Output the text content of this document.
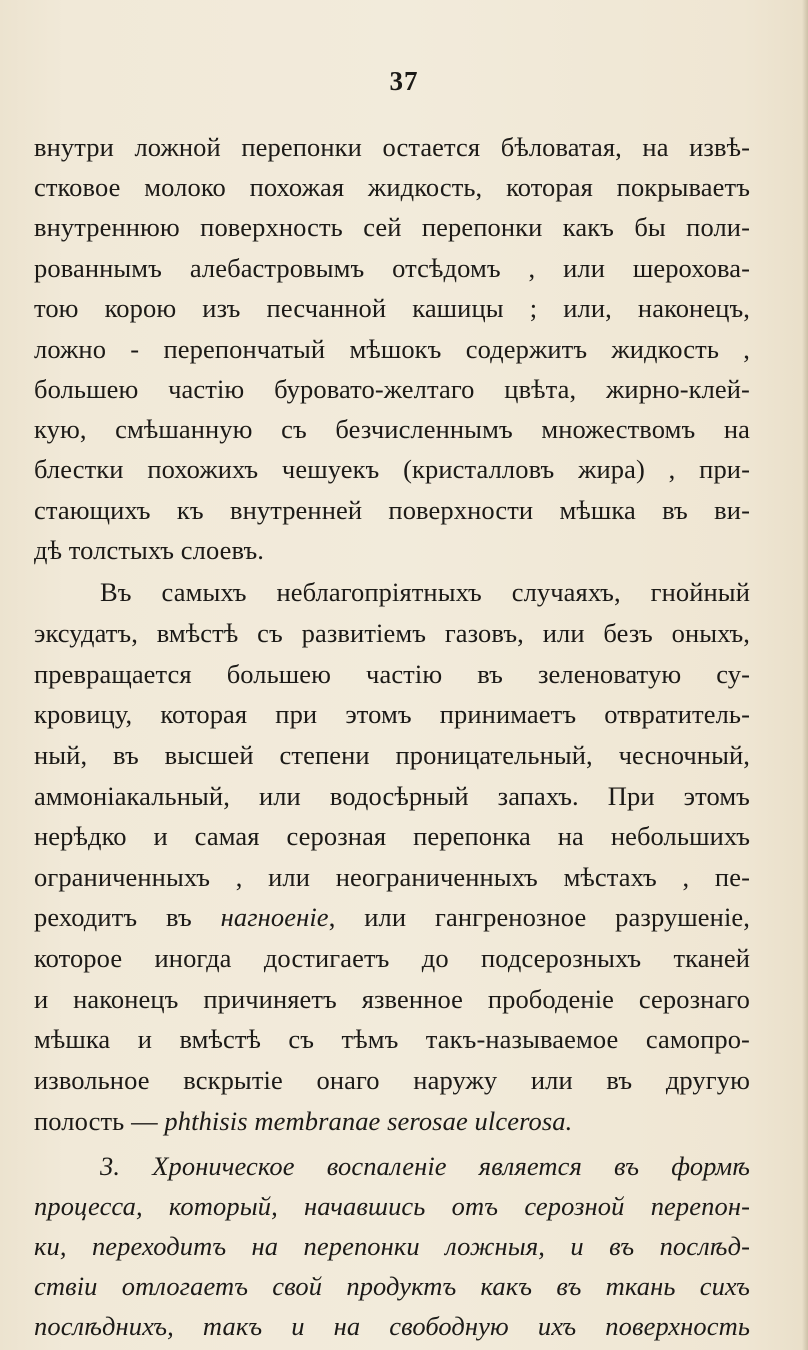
37
внутри ложной перепонки остается бѣловатая, на извѣ-
стковое молоко похожая жидкость, которая покрываетъ
внутреннюю поверхность сей перепонки какъ бы поли-
рованнымъ алебастровымъ отсѣдомъ , или шерохова-
тою корою изъ песчанной кашицы ; или, наконецъ,
ложно - перепончатый мѣшокъ содержитъ жидкость ,
большею частію буровато-желтаго цвѣта, жирно-клей-
кую, смѣшанную съ безчисленнымъ множествомъ на
блестки похожихъ чешуекъ (кристалловъ жира) , при-
стающихъ къ внутренней поверхности мѣшка въ ви-
дѣ толстыхъ слоевъ.
Въ самыхъ неблагопріятныхъ случаяхъ, гнойный
эксудатъ, вмѣстѣ съ развитіемъ газовъ, или безъ оныхъ,
превращается большею частію въ зеленоватую су-
кровицу, которая при этомъ принимаетъ отвратитель-
ный, въ высшей степени проницательный, чесночный,
аммоніакальный, или водосѣрный запахъ. При этомъ
нерѣдко и самая серозная перепонка на небольшихъ
ограниченныхъ , или неограниченныхъ мѣстахъ , пе-
реходитъ въ нагноеніе, или гангренозное разрушеніе,
которое иногда достигаетъ до подсерозныхъ тканей
и наконецъ причиняетъ язвенное прободеніе серознаго
мѣшка и вмѣстѣ съ тѣмъ такъ-называемое самопро-
извольное вскрытіе онаго наружу или въ другую
полость — phthisis membranae serosae ulcerosa.
3. Хроническое воспаленіе является въ формѣ
процесса, который, начавшись отъ серозной перепон-
ки, переходитъ на перепонки ложныя, и въ послѣд-
ствіи отлогаетъ свой продуктъ какъ въ ткань сихъ
послѣднихъ, такъ и на свободную ихъ поверхность
